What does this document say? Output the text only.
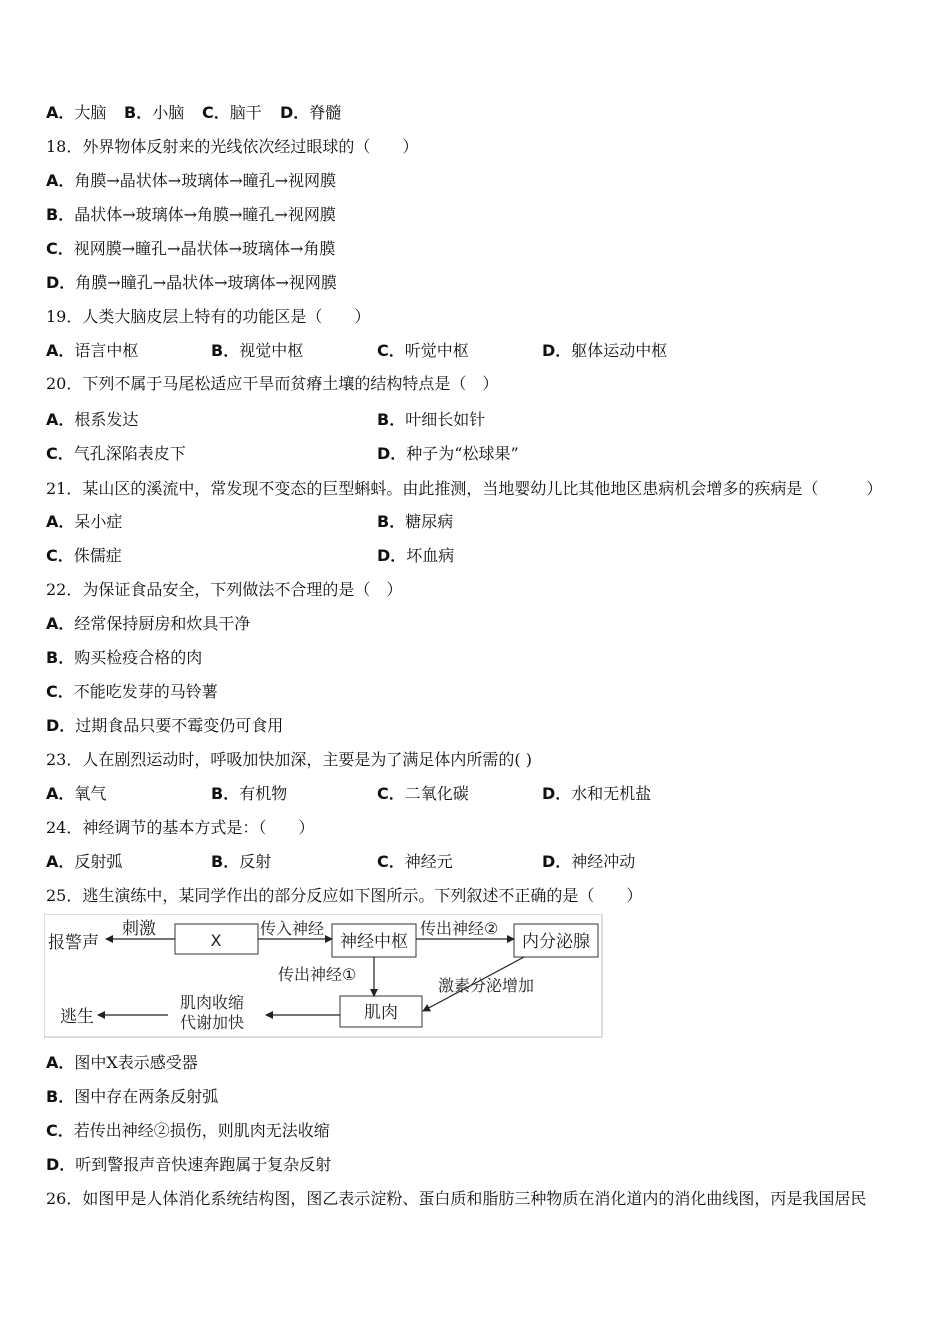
A．大脑 B．小脑 C．脑干 D．脊髓
18．外界物体反射来的光线依次经过眼球的（　　）
A．角膜→晶状体→玻璃体→瞳孔→视网膜
B．晶状体→玻璃体→角膜→瞳孔→视网膜
C．视网膜→瞳孔→晶状体→玻璃体→角膜
D．角膜→瞳孔→晶状体→玻璃体→视网膜
19．人类大脑皮层上特有的功能区是（　　）
A．语言中枢	B．视觉中枢	C．听觉中枢	D．躯体运动中枢
20．下列不属于马尾松适应干旱而贫瘠土壤的结构特点是（　）
A．根系发达	B．叶细长如针
C．气孔深陷表皮下	D．种子为“松球果”
21．某山区的溪流中，常发现不变态的巨型蝌蚪。由此推测，当地婴幼儿比其他地区患病机会增多的疾病是（　　　）
A．呆小症	B．糖尿病
C．侏儒症	D．坏血病
22．为保证食品安全，下列做法不合理的是（　）
A．经常保持厨房和炊具干净
B．购买检疫合格的肉
C．不能吃发芽的马铃薯
D．过期食品只要不霉变仍可食用
23．人在剧烈运动时，呼吸加快加深，主要是为了满足体内所需的( )
A．氧气	B．有机物	C．二氧化碳	D．水和无机盐
24．神经调节的基本方式是：（　　）
A．反射弧	B．反射	C．神经元	D．神经冲动
25．逃生演练中，某同学作出的部分反应如下图所示。下列叙述不正确的是（　　）
A．图中X表示感受器
B．图中存在两条反射弧
C．若传出神经②损伤，则肌肉无法收缩
D．听到警报声音快速奔跑属于复杂反射
26．如图甲是人体消化系统结构图，图乙表示淀粉、蛋白质和脂肪三种物质在消化道内的消化曲线图，丙是我国居民
X	神经中枢	内分泌腺
肌肉
报警声
刺激	传入神经	传出神经②
传出神经①
激素分泌增加
肌肉收缩
代谢加快
逃生
